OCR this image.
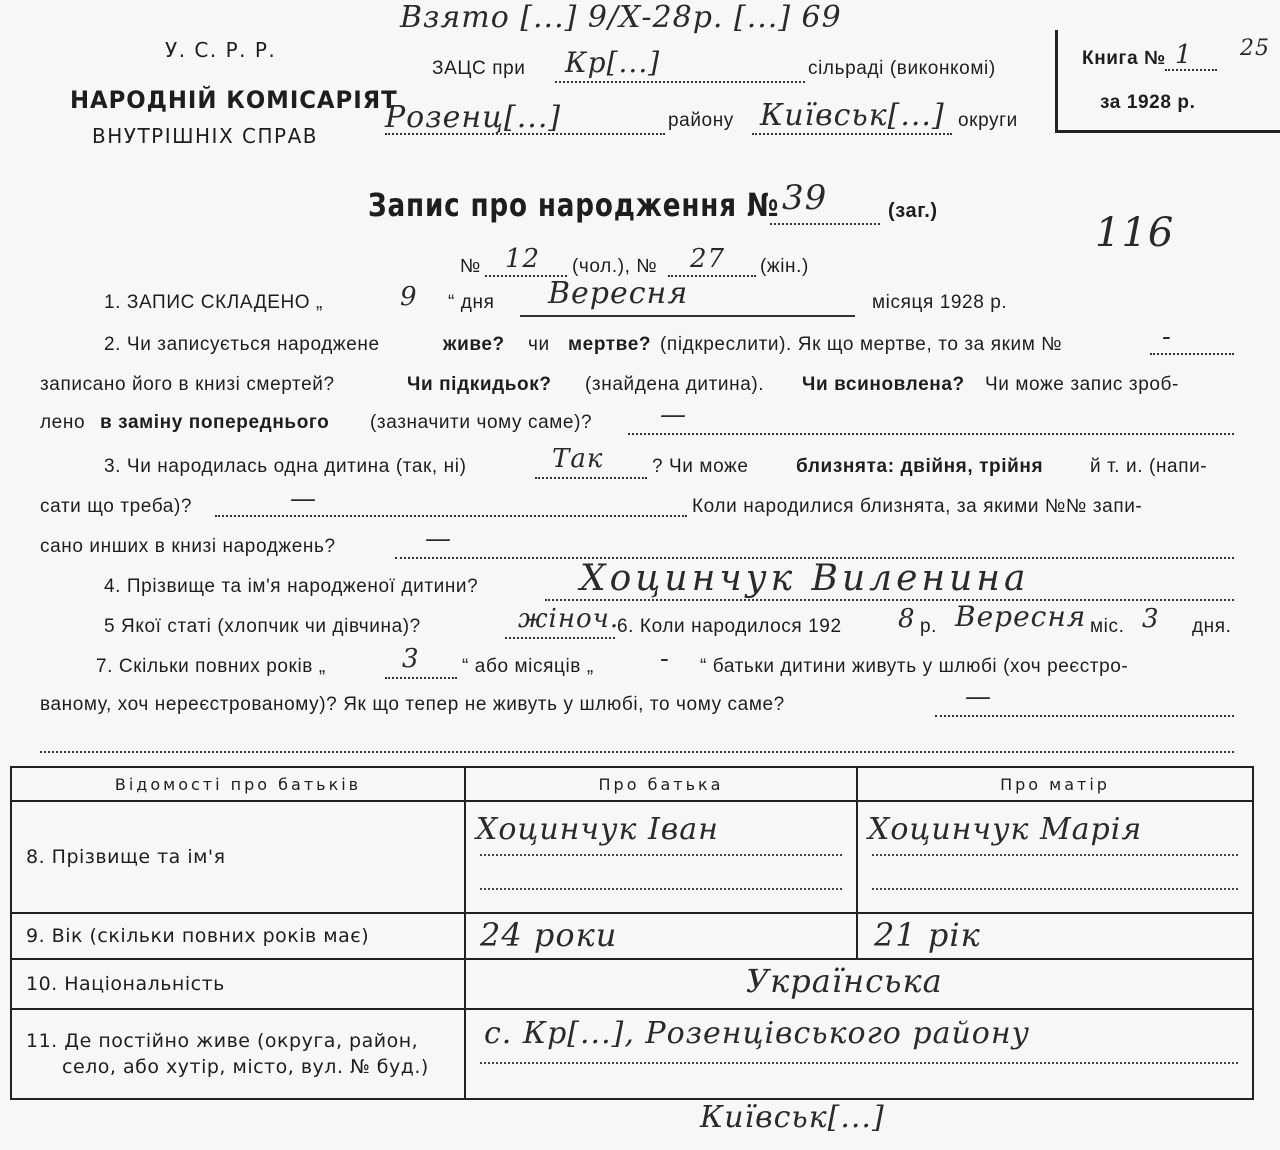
У. С. Р. Р.
НАРОДНІЙ КОМІСАРІЯТ
ВНУТРІШНІХ СПРАВ
Взято [...] 9/Х-28р. [...] 69
ЗАЦС при Кр[...]	сільраді (виконкомі)
Розенц[...]	району Київськ[...] округи
Книга № 1 25
за 1928 р.
Запис про народження № 39	(заг.)	116
№ 12 (чол.), № 27 (жін.)
1. ЗАПИС СКЛАДЕНО „	9 “ дня Вересня	місяця 1928 р.
2. Чи записується народжене	живе? чи мертве? (підкреслити). Як що мертве, то за яким №	-
записано його в книзі смертей?	Чи підкидьок? (знайдена дитина). Чи всиновлена? Чи може запис зроб-
лено в заміну попереднього (зазначити чому саме)?	—
3. Чи народилась одна дитина (так, ні)	Так	? Чи може	близнята: двійня, трійня й т. и. (напи-
сати що треба)?	—	Коли народилися близнята, за якими №№ запи-
сано инших в книзі народжень?	—
4. Прізвище та ім'я народженої дитини?	Хоцинчук Виленина
5 Якої статі (хлопчик чи дівчина)?	жіноч.
6. Коли народилося 192 8 р. Вересня міс. 3 дня.
7. Скільки повних років „	3 “ або місяців „	- “ батьки дитини живуть у шлюбі (хоч реєстро-
ваному, хоч нереєстрованому)? Як що тепер не живуть у шлюбі, то чому саме?	—
Відомості про батьків	Про батька	Про матір
8. Прізвище та ім'я	Хоцинчук Іван	Хоцинчук Марія

9. Вік (скільки повних років має)	24 роки	21 рік

10. Національність	Українська	

11. Де постійно живе (округа, район,
село, або хутір, місто, вул. № буд.)	с. Кр[...], Розенцівського району	
Київськ[...]
